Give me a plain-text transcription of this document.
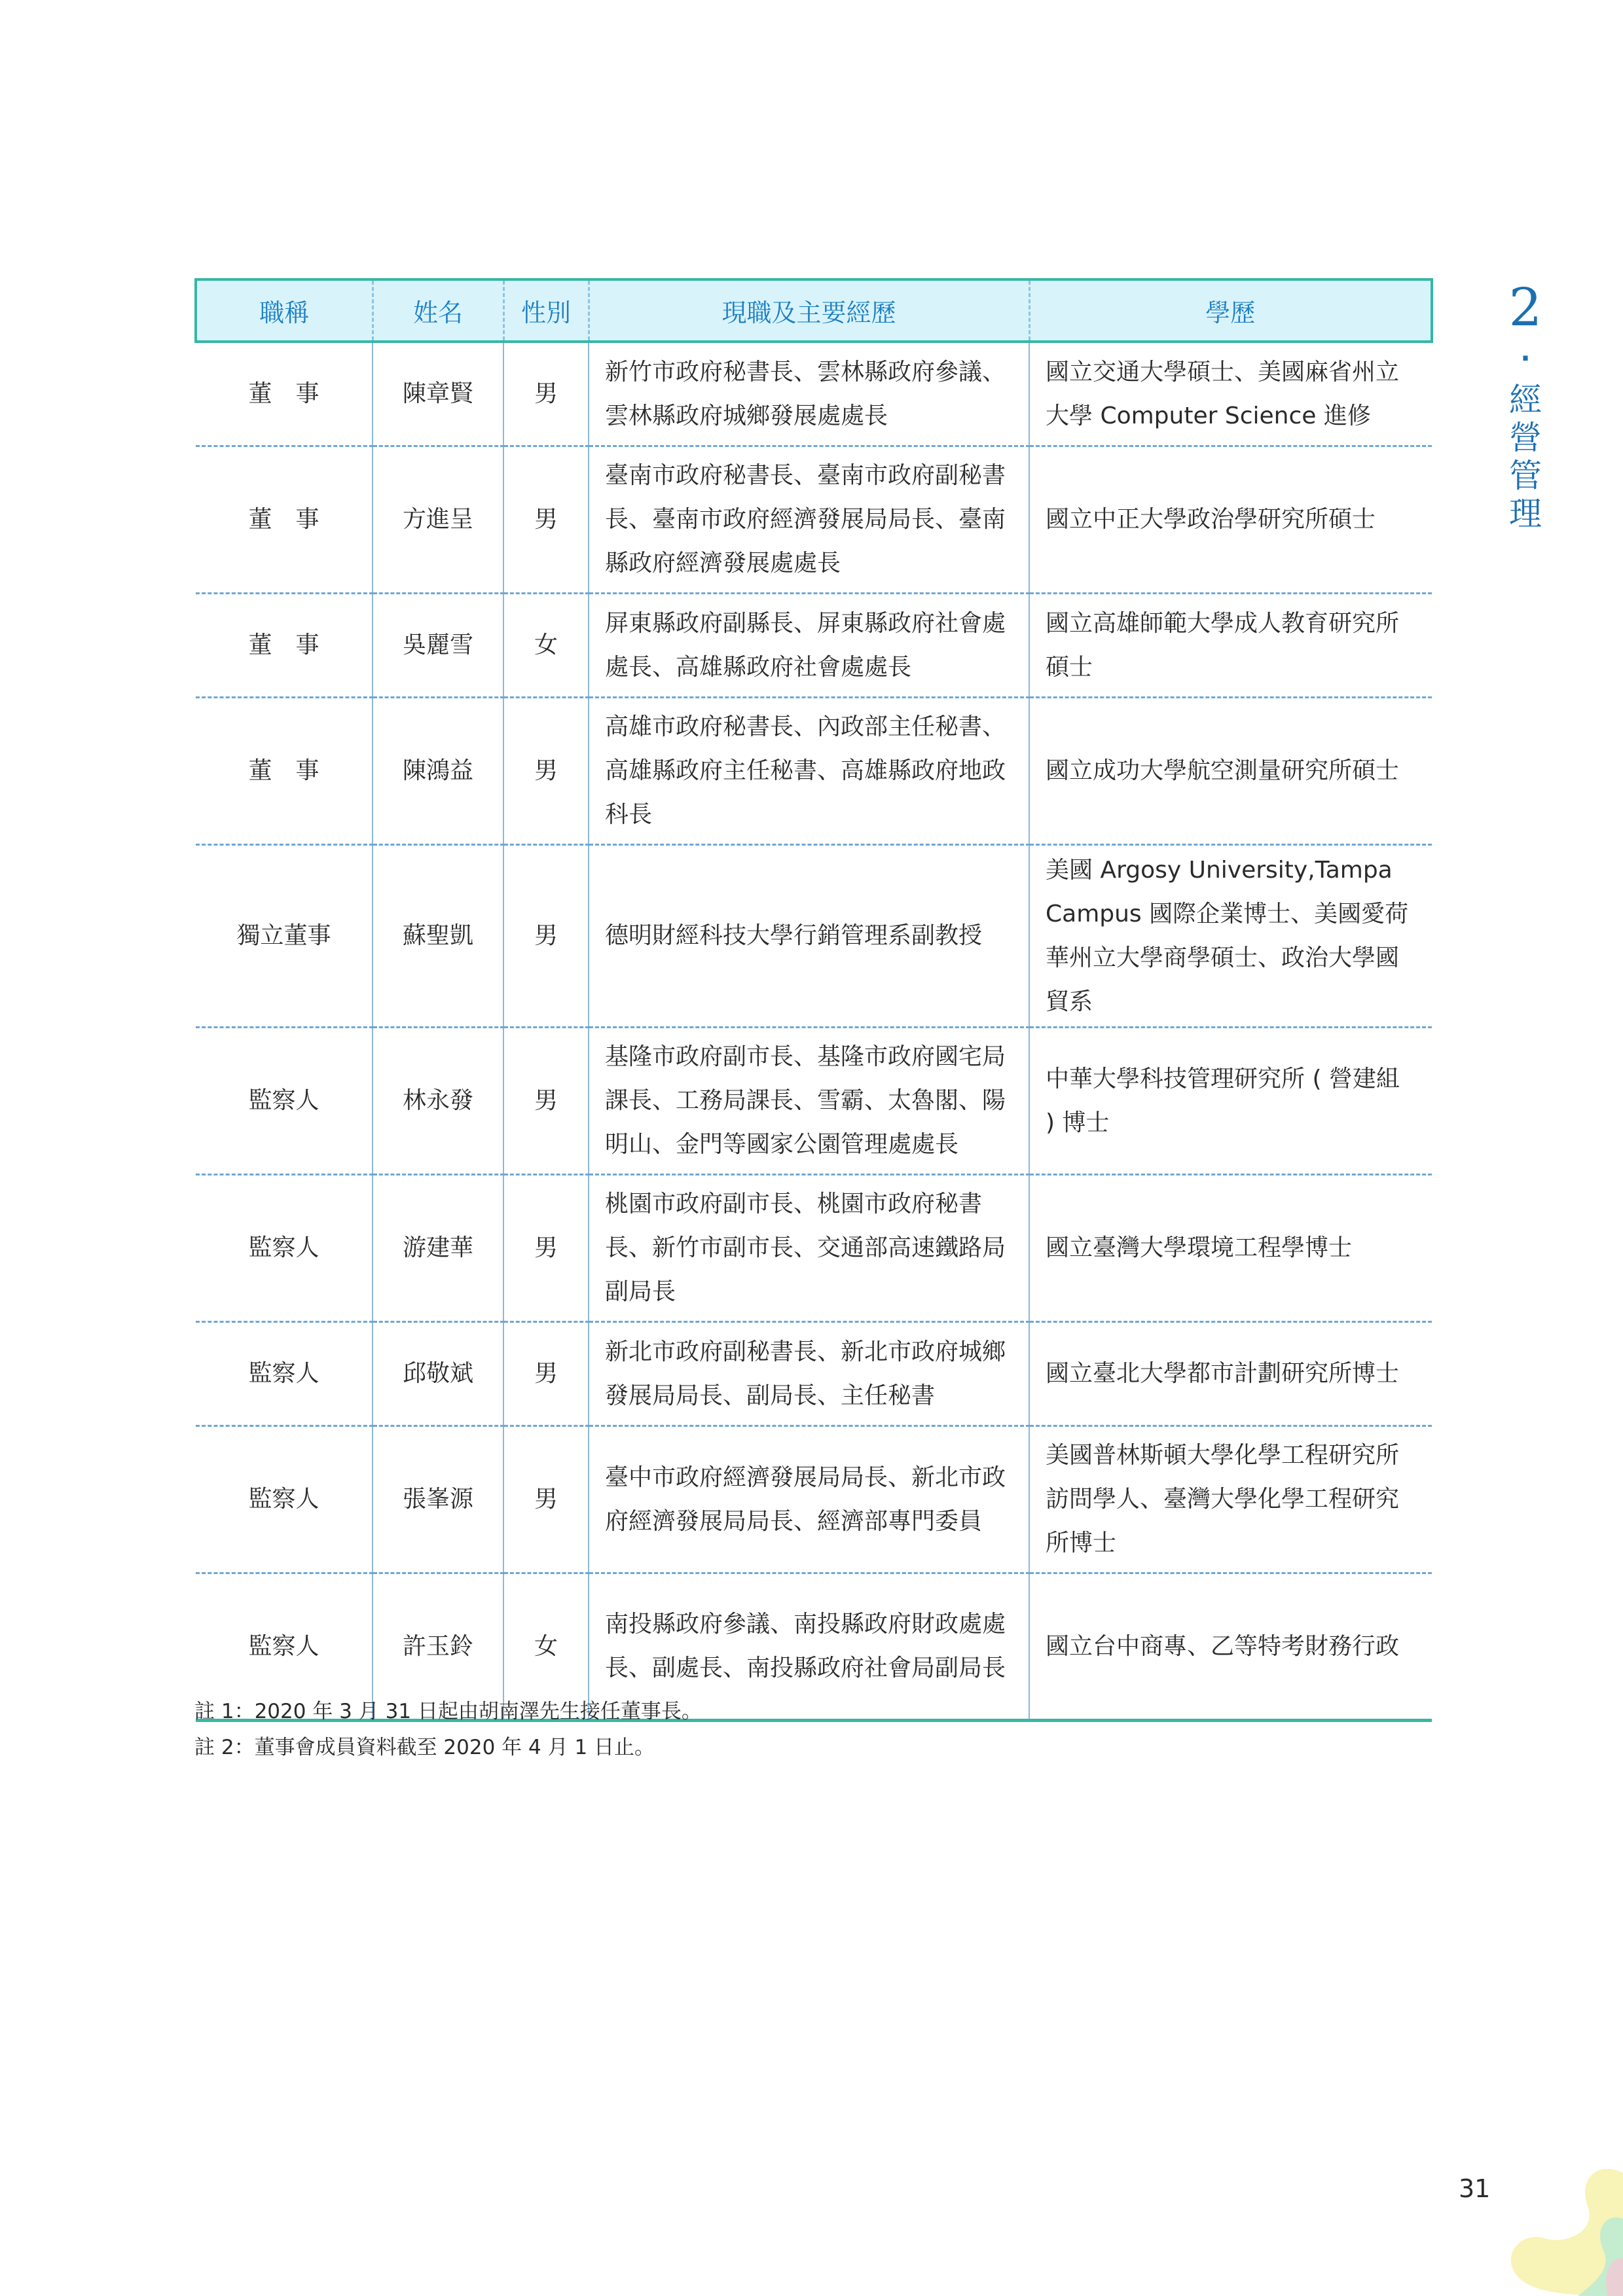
2
·
經營管理
職稱	姓名	性別	現職及主要經歷	學歷
董　事	陳章賢	男	新竹市政府秘書長、雲林縣政府參議、雲林縣政府城鄉發展處處長	國立交通大學碩士、美國麻省州立大學 Computer Science 進修
董　事	方進呈	男	臺南市政府秘書長、臺南市政府副秘書長、臺南市政府經濟發展局局長、臺南縣政府經濟發展處處長	國立中正大學政治學研究所碩士
董　事	吳麗雪	女	屏東縣政府副縣長、屏東縣政府社會處處長、高雄縣政府社會處處長	國立高雄師範大學成人教育研究所碩士
董　事	陳鴻益	男	高雄市政府秘書長、內政部主任秘書、高雄縣政府主任秘書、高雄縣政府地政科長	國立成功大學航空測量研究所碩士
獨立董事	蘇聖凱	男	德明財經科技大學行銷管理系副教授	美國 Argosy University,Tampa Campus 國際企業博士、美國愛荷華州立大學商學碩士、政治大學國貿系
監察人	林永發	男	基隆市政府副市長、基隆市政府國宅局課長、工務局課長、雪霸、太魯閣、陽明山、金門等國家公園管理處處長	中華大學科技管理研究所 ( 營建組 ) 博士
監察人	游建華	男	桃園市政府副市長、桃園市政府秘書長、新竹市副市長、交通部高速鐵路局副局長	國立臺灣大學環境工程學博士
監察人	邱敬斌	男	新北市政府副秘書長、新北市政府城鄉發展局局長、副局長、主任秘書	國立臺北大學都市計劃研究所博士
監察人	張峯源	男	臺中市政府經濟發展局局長、新北市政府經濟發展局局長、經濟部專門委員	美國普林斯頓大學化學工程研究所訪問學人、臺灣大學化學工程研究所博士
監察人	許玉鈴	女	南投縣政府參議、南投縣政府財政處處長、副處長、南投縣政府社會局副局長	國立台中商專、乙等特考財務行政
註 1：2020 年 3 月 31 日起由胡南澤先生接任董事長。
註 2：董事會成員資料截至 2020 年 4 月 1 日止。
31
